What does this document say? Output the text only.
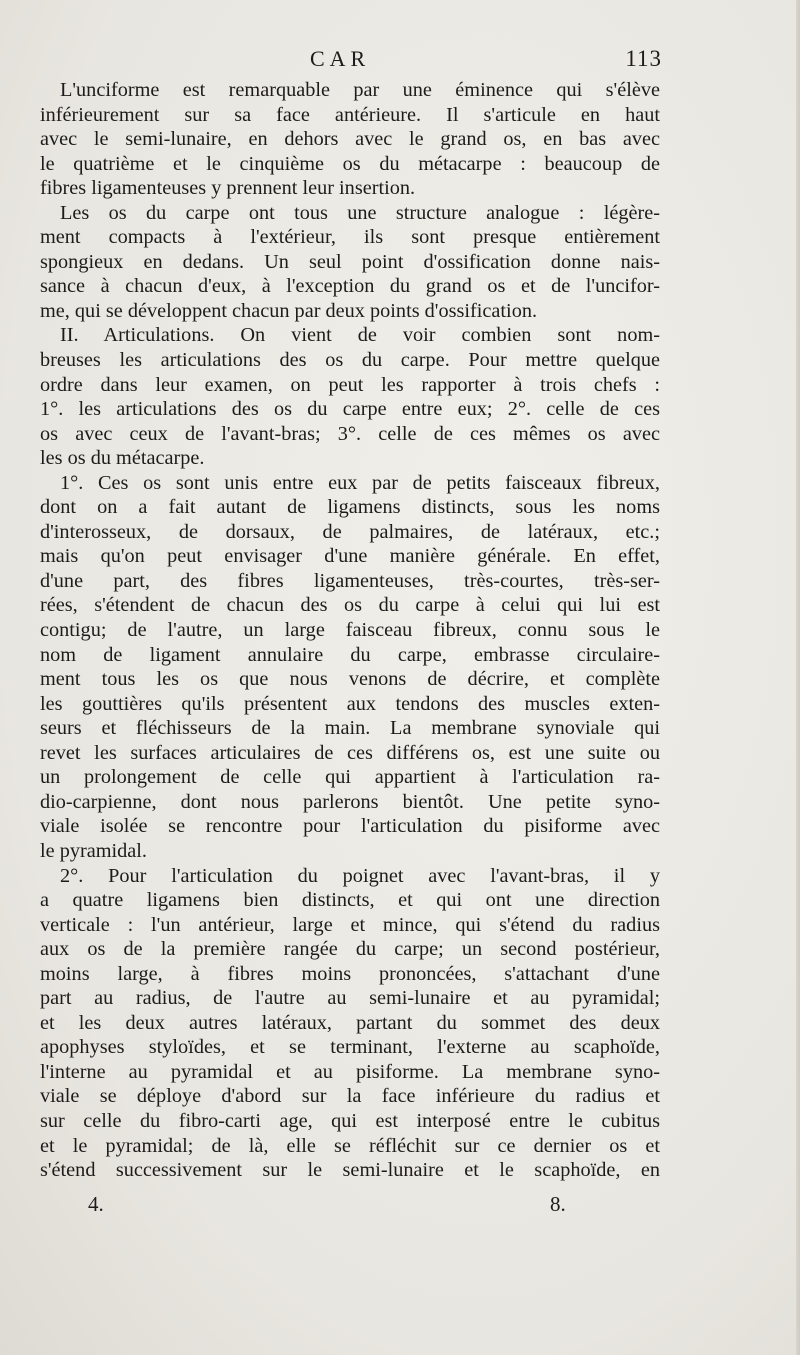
CAR	113
L'unciforme est remarquable par une éminence qui s'élève
inférieurement sur sa face antérieure. Il s'articule en haut
avec le semi-lunaire, en dehors avec le grand os, en bas avec
le quatrième et le cinquième os du métacarpe : beaucoup de
fibres ligamenteuses y prennent leur insertion.
Les os du carpe ont tous une structure analogue : légère-
ment compacts à l'extérieur, ils sont presque entièrement
spongieux en dedans. Un seul point d'ossification donne nais-
sance à chacun d'eux, à l'exception du grand os et de l'uncifor-
me, qui se développent chacun par deux points d'ossification.
II. Articulations. On vient de voir combien sont nom-
breuses les articulations des os du carpe. Pour mettre quelque
ordre dans leur examen, on peut les rapporter à trois chefs :
1°. les articulations des os du carpe entre eux; 2°. celle de ces
os avec ceux de l'avant-bras; 3°. celle de ces mêmes os avec
les os du métacarpe.
1°. Ces os sont unis entre eux par de petits faisceaux fibreux,
dont on a fait autant de ligamens distincts, sous les noms
d'interosseux, de dorsaux, de palmaires, de latéraux, etc.;
mais qu'on peut envisager d'une manière générale. En effet,
d'une part, des fibres ligamenteuses, très-courtes, très-ser-
rées, s'étendent de chacun des os du carpe à celui qui lui est
contigu; de l'autre, un large faisceau fibreux, connu sous le
nom de ligament annulaire du carpe, embrasse circulaire-
ment tous les os que nous venons de décrire, et complète
les gouttières qu'ils présentent aux tendons des muscles exten-
seurs et fléchisseurs de la main. La membrane synoviale qui
revet les surfaces articulaires de ces différens os, est une suite ou
un prolongement de celle qui appartient à l'articulation ra-
dio-carpienne, dont nous parlerons bientôt. Une petite syno-
viale isolée se rencontre pour l'articulation du pisiforme avec
le pyramidal.
2°. Pour l'articulation du poignet avec l'avant-bras, il y
a quatre ligamens bien distincts, et qui ont une direction
verticale : l'un antérieur, large et mince, qui s'étend du radius
aux os de la première rangée du carpe; un second postérieur,
moins large, à fibres moins prononcées, s'attachant d'une
part au radius, de l'autre au semi-lunaire et au pyramidal;
et les deux autres latéraux, partant du sommet des deux
apophyses styloïdes, et se terminant, l'externe au scaphoïde,
l'interne au pyramidal et au pisiforme. La membrane syno-
viale se déploye d'abord sur la face inférieure du radius et
sur celle du fibro-carti age, qui est interposé entre le cubitus
et le pyramidal; de là, elle se réfléchit sur ce dernier os et
s'étend successivement sur le semi-lunaire et le scaphoïde, en
4.	8.
